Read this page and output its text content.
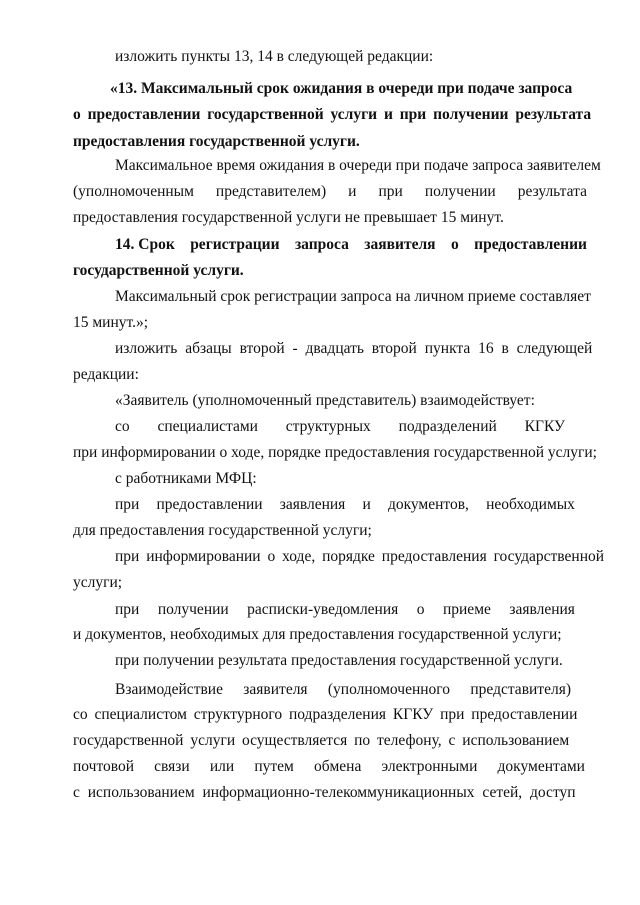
изложить пункты 13, 14 в следующей редакции:
«13. Максимальный срок ожидания в очереди при подаче запроса
о предоставлении государственной услуги и при получении результата
предоставления государственной услуги.
Максимальное время ожидания в очереди при подаче запроса заявителем
(уполномоченным представителем) и при получении результата
предоставления государственной услуги не превышает 15 минут.
14. Срок регистрации запроса заявителя о предоставлении
государственной услуги.
Максимальный срок регистрации запроса на личном приеме составляет
15 минут.»;
изложить абзацы второй - двадцать второй пункта 16 в следующей
редакции:
«Заявитель (уполномоченный представитель) взаимодействует:
со специалистами структурных подразделений КГКУ
при информировании о ходе, порядке предоставления государственной услуги;
с работниками МФЦ:
при предоставлении заявления и документов, необходимых
для предоставления государственной услуги;
при информировании о ходе, порядке предоставления государственной
услуги;
при получении расписки-уведомления о приеме заявления
и документов, необходимых для предоставления государственной услуги;
при получении результата предоставления государственной услуги.
Взаимодействие заявителя (уполномоченного представителя)
со специалистом структурного подразделения КГКУ при предоставлении
государственной услуги осуществляется по телефону, с использованием
почтовой связи или путем обмена электронными документами
с использованием информационно-телекоммуникационных сетей, доступ
